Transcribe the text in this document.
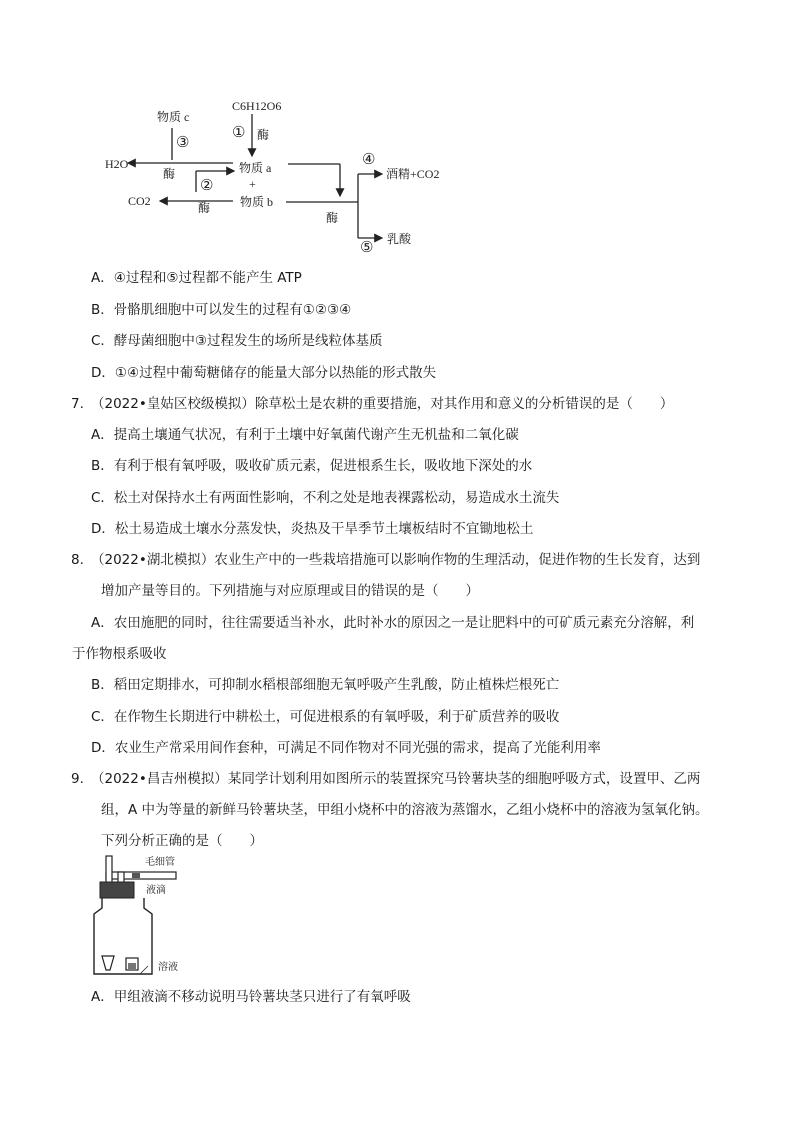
物质 c
C6H12O6
① 酶
③
H2O
酶	物质 a
+
②
CO2	酶 物质 b
④
酒精+CO2
酶
乳酸
⑤
A．④过程和⑤过程都不能产生 ATP
B．骨骼肌细胞中可以发生的过程有①②③④
C．酵母菌细胞中③过程发生的场所是线粒体基质
D．①④过程中葡萄糖储存的能量大部分以热能的形式散失
7. （2022•皇姑区校级模拟）除草松土是农耕的重要措施，对其作用和意义的分析错误的是（　　）
A．提高土壤通气状况，有利于土壤中好氧菌代谢产生无机盐和二氧化碳
B．有利于根有氧呼吸，吸收矿质元素，促进根系生长，吸收地下深处的水
C．松土对保持水土有两面性影响，不利之处是地表裸露松动，易造成水土流失
D．松土易造成土壤水分蒸发快，炎热及干旱季节土壤板结时不宜锄地松土
8. （2022•湖北模拟）农业生产中的一些栽培措施可以影响作物的生理活动，促进作物的生长发育，达到
增加产量等目的。下列措施与对应原理或目的错误的是（　　）
A．农田施肥的同时，往往需要适当补水，此时补水的原因之一是让肥料中的可矿质元素充分溶解，利
于作物根系吸收
B．稻田定期排水，可抑制水稻根部细胞无氧呼吸产生乳酸，防止植株烂根死亡
C．在作物生长期进行中耕松土，可促进根系的有氧呼吸，利于矿质营养的吸收
D．农业生产常采用间作套种，可满足不同作物对不同光强的需求，提高了光能利用率
9. （2022•昌吉州模拟）某同学计划利用如图所示的装置探究马铃薯块茎的细胞呼吸方式，设置甲、乙两
组，A 中为等量的新鲜马铃薯块茎，甲组小烧杯中的溶液为蒸馏水，乙组小烧杯中的溶液为氢氧化钠。
下列分析正确的是（　　）
毛细管
液滴
溶液
A．甲组液滴不移动说明马铃薯块茎只进行了有氧呼吸
